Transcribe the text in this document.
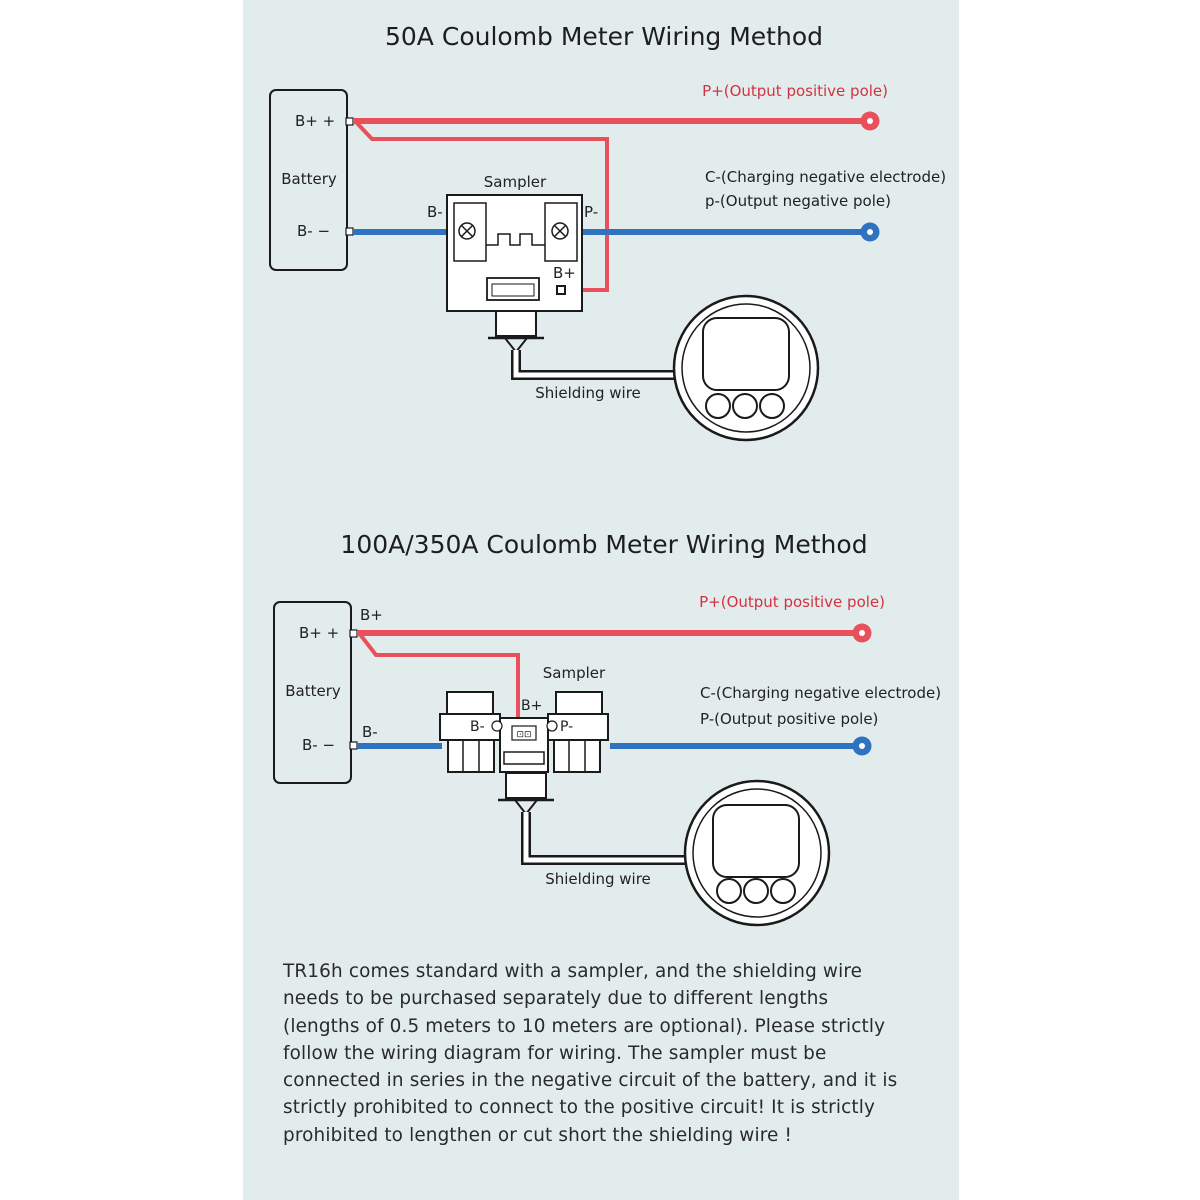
50A Coulomb Meter Wiring Method
Battery
B+ +
B- −
P+(Output positive pole)
C-(Charging negative electrode)
p-(Output negative pole)
Sampler
B-	P-
B+
Shielding wire
100A/350A Coulomb Meter Wiring Method
Battery
B+ +
B- −
B+
B-
P+(Output positive pole)
C-(Charging negative electrode)
P-(Output positive pole)
Sampler
⊡⊡
B+
B-	P-
Shielding wire
TR16h comes standard with a sampler, and the shielding wire
needs to be purchased separately due to different lengths
(lengths of 0.5 meters to 10 meters are optional). Please strictly
follow the wiring diagram for wiring. The sampler must be
connected in series in the negative circuit of the battery, and it is
strictly prohibited to connect to the positive circuit! It is strictly
prohibited to lengthen or cut short the shielding wire !
